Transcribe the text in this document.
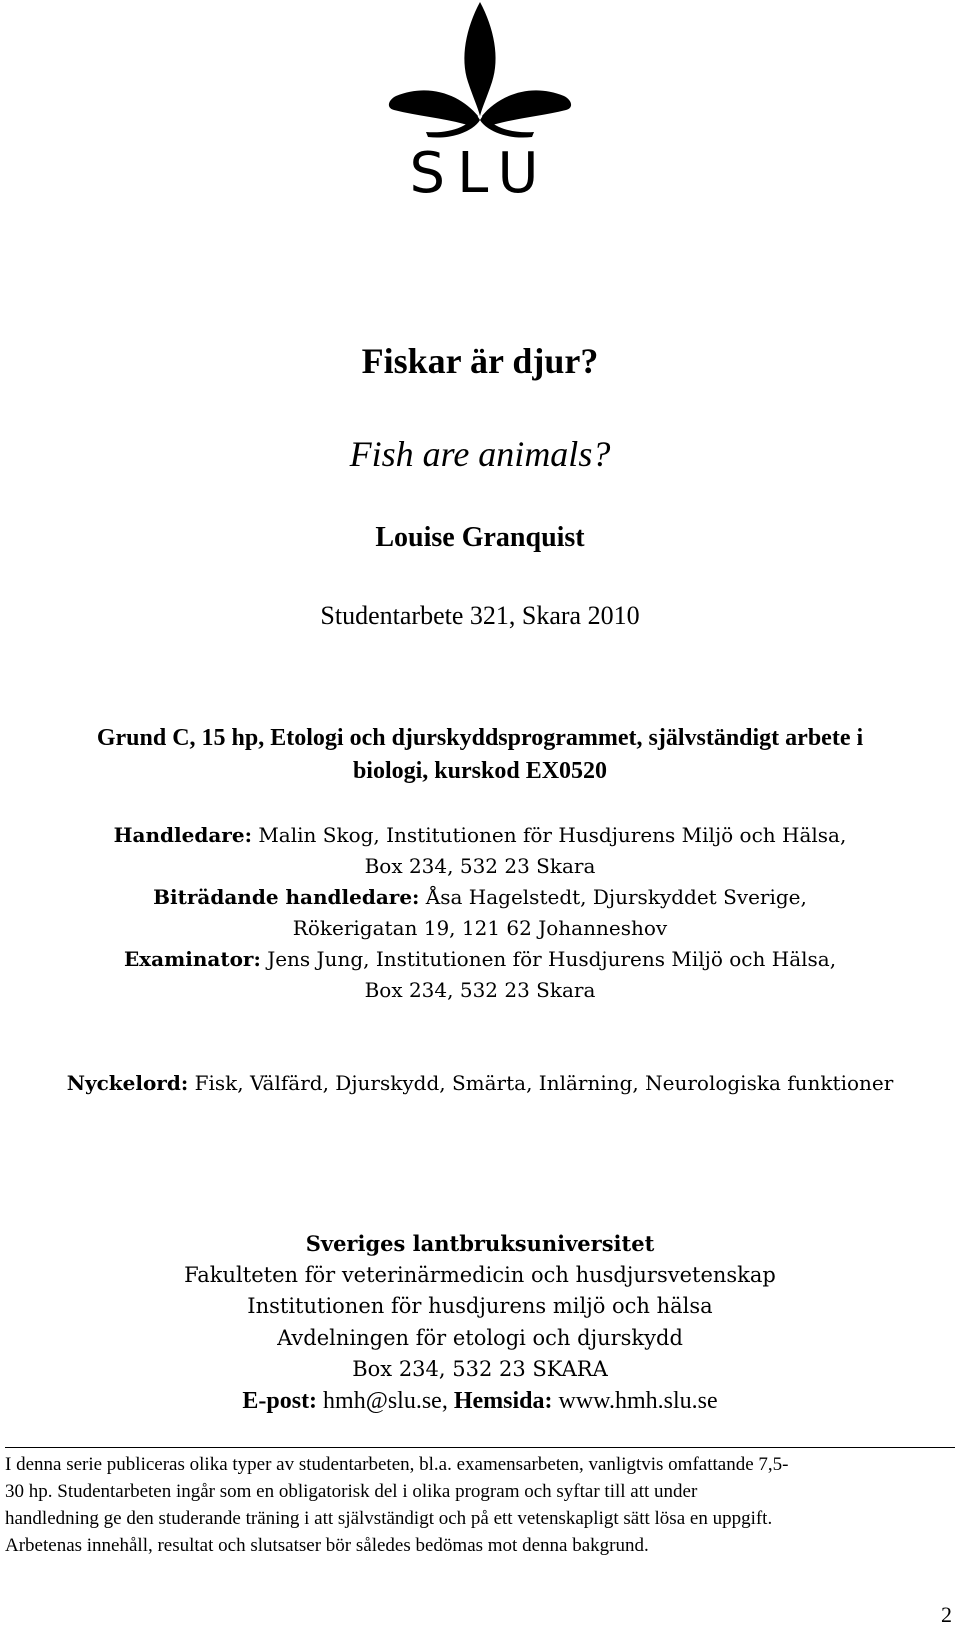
SLU
Fiskar är djur?
Fish are animals?
Louise Granquist
Studentarbete 321, Skara 2010
Grund C, 15 hp, Etologi och djurskyddsprogrammet, självständigt arbete i
biologi, kurskod EX0520
Handledare: Malin Skog, Institutionen för Husdjurens Miljö och Hälsa,
Box 234, 532 23 Skara
Biträdande handledare: Åsa Hagelstedt, Djurskyddet Sverige,
Rökerigatan 19, 121 62 Johanneshov
Examinator: Jens Jung, Institutionen för Husdjurens Miljö och Hälsa,
Box 234, 532 23 Skara
Nyckelord: Fisk, Välfärd, Djurskydd, Smärta, Inlärning, Neurologiska funktioner
Sveriges lantbruksuniversitet
Fakulteten för veterinärmedicin och husdjursvetenskap
Institutionen för husdjurens miljö och hälsa
Avdelningen för etologi och djurskydd
Box 234, 532 23 SKARA
E-post: hmh@slu.se, Hemsida: www.hmh.slu.se
I denna serie publiceras olika typer av studentarbeten, bl.a. examensarbeten, vanligtvis omfattande 7,5-
30 hp. Studentarbeten ingår som en obligatorisk del i olika program och syftar till att under
handledning ge den studerande träning i att självständigt och på ett vetenskapligt sätt lösa en uppgift.
Arbetenas innehåll, resultat och slutsatser bör således bedömas mot denna bakgrund.
2
